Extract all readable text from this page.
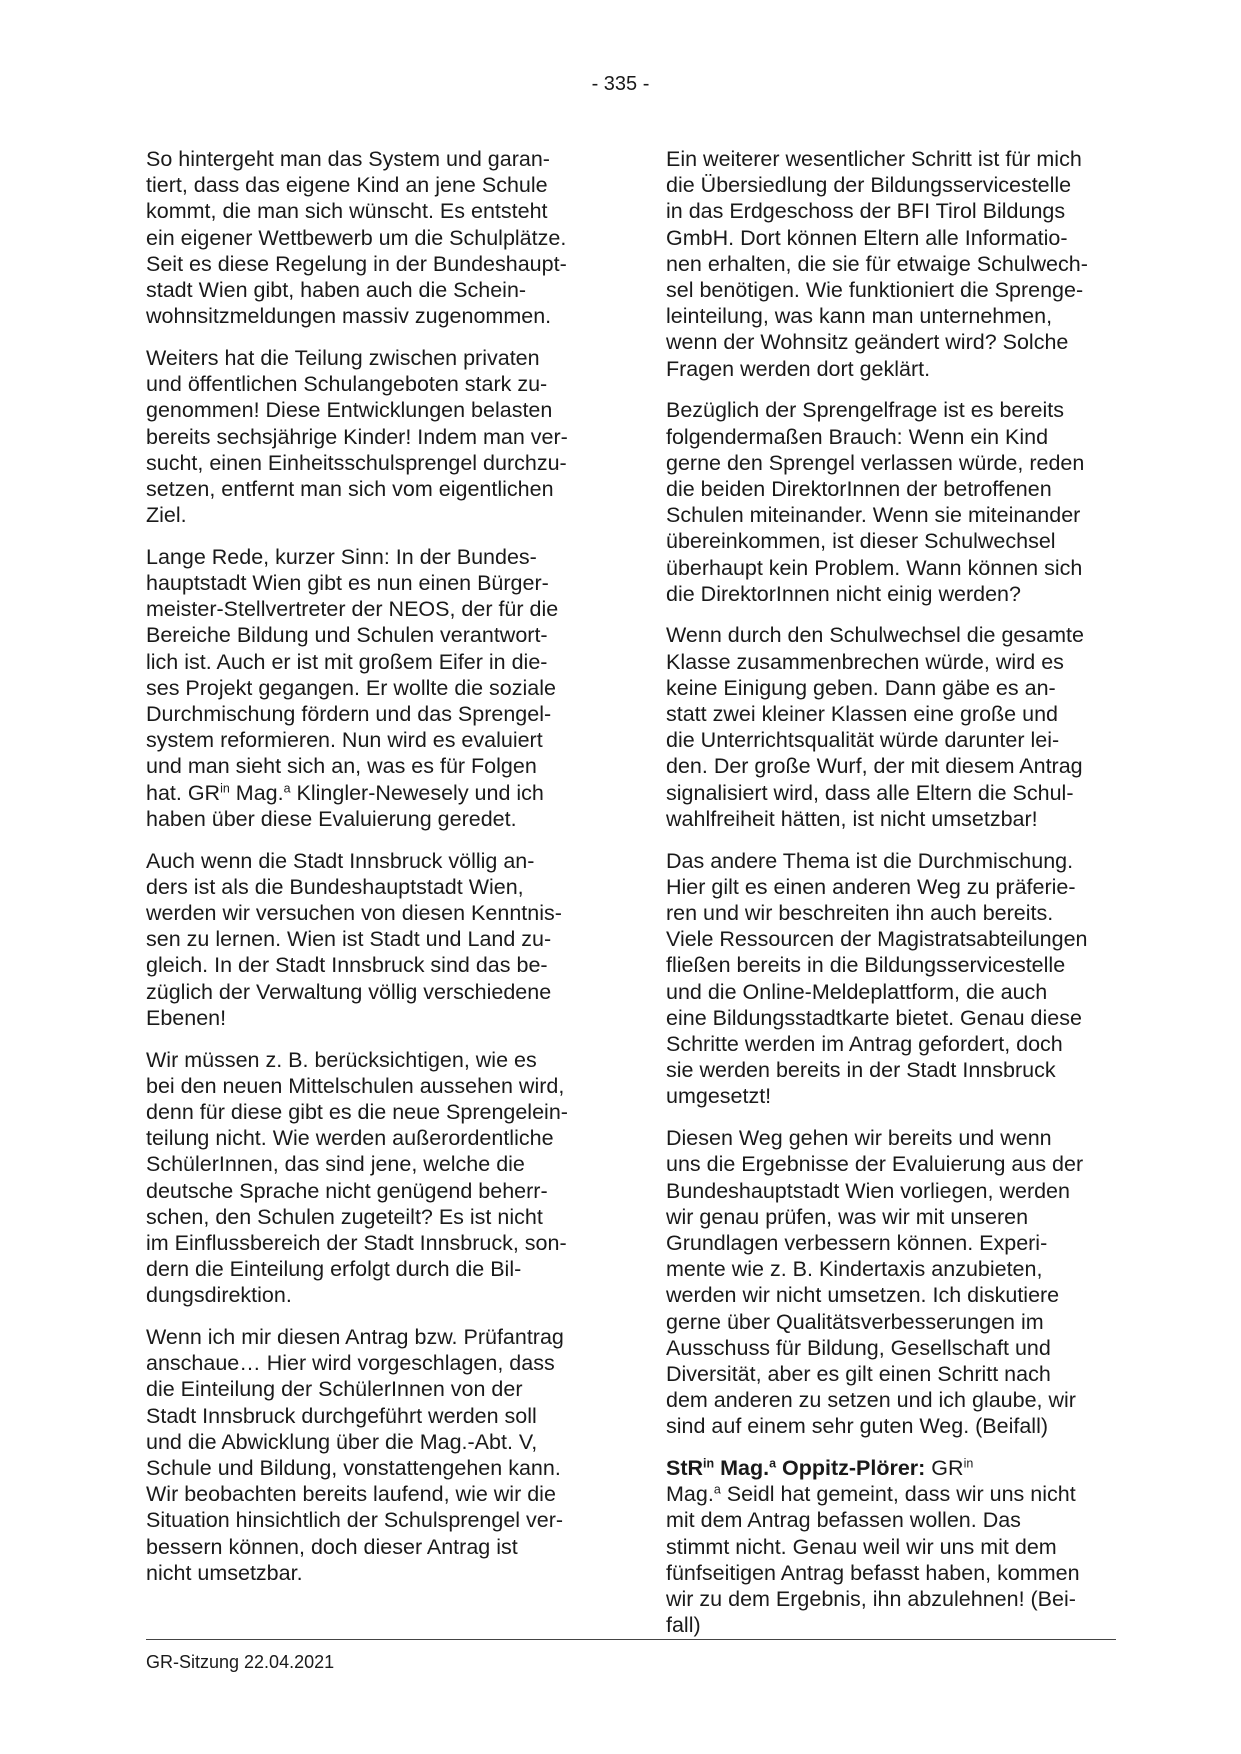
- 335 -

So hintergeht man das System und garan-
tiert, dass das eigene Kind an jene Schule
kommt, die man sich wünscht. Es entsteht
ein eigener Wettbewerb um die Schulplätze.
Seit es diese Regelung in der Bundeshaupt-
stadt Wien gibt, haben auch die Schein-
wohnsitzmeldungen massiv zugenommen.

Weiters hat die Teilung zwischen privaten
und öffentlichen Schulangeboten stark zu-
genommen! Diese Entwicklungen belasten
bereits sechsjährige Kinder! Indem man ver-
sucht, einen Einheitsschulsprengel durchzu-
setzen, entfernt man sich vom eigentlichen
Ziel.

Lange Rede, kurzer Sinn: In der Bundes-
hauptstadt Wien gibt es nun einen Bürger-
meister-Stellvertreter der NEOS, der für die
Bereiche Bildung und Schulen verantwort-
lich ist. Auch er ist mit großem Eifer in die-
ses Projekt gegangen. Er wollte die soziale
Durchmischung fördern und das Sprengel-
system reformieren. Nun wird es evaluiert
und man sieht sich an, was es für Folgen
hat. $GR^{in}$ Mag.$^a$ Klingler-Newesely und ich
haben über diese Evaluierung geredet.

Auch wenn die Stadt Innsbruck völlig an-
ders ist als die Bundeshauptstadt Wien,
werden wir versuchen von diesen Kenntnis-
sen zu lernen. Wien ist Stadt und Land zu-
gleich. In der Stadt Innsbruck sind das be-
züglich der Verwaltung völlig verschiedene
Ebenen!

Wir müssen z. B. berücksichtigen, wie es
bei den neuen Mittelschulen aussehen wird,
denn für diese gibt es die neue Sprengelein-
teilung nicht. Wie werden außerordentliche
SchülerInnen, das sind jene, welche die
deutsche Sprache nicht genügend beherr-
schen, den Schulen zugeteilt? Es ist nicht
im Einflussbereich der Stadt Innsbruck, son-
dern die Einteilung erfolgt durch die Bil-
dungsdirektion.

Wenn ich mir diesen Antrag bzw. Prüfantrag
anschaue… Hier wird vorgeschlagen, dass
die Einteilung der SchülerInnen von der
Stadt Innsbruck durchgeführt werden soll
und die Abwicklung über die Mag.-Abt. V,
Schule und Bildung, vonstattengehen kann.
Wir beobachten bereits laufend, wie wir die
Situation hinsichtlich der Schulsprengel ver-
bessern können, doch dieser Antrag ist
nicht umsetzbar.

Ein weiterer wesentlicher Schritt ist für mich
die Übersiedlung der Bildungsservicestelle
in das Erdgeschoss der BFI Tirol Bildungs
GmbH. Dort können Eltern alle Informatio-
nen erhalten, die sie für etwaige Schulwech-
sel benötigen. Wie funktioniert die Sprenge-
leinteilung, was kann man unternehmen,
wenn der Wohnsitz geändert wird? Solche
Fragen werden dort geklärt.

Bezüglich der Sprengelfrage ist es bereits
folgendermaßen Brauch: Wenn ein Kind
gerne den Sprengel verlassen würde, reden
die beiden DirektorInnen der betroffenen
Schulen miteinander. Wenn sie miteinander
übereinkommen, ist dieser Schulwechsel
überhaupt kein Problem. Wann können sich
die DirektorInnen nicht einig werden?

Wenn durch den Schulwechsel die gesamte
Klasse zusammenbrechen würde, wird es
keine Einigung geben. Dann gäbe es an-
statt zwei kleiner Klassen eine große und
die Unterrichtsqualität würde darunter lei-
den. Der große Wurf, der mit diesem Antrag
signalisiert wird, dass alle Eltern die Schul-
wahlfreiheit hätten, ist nicht umsetzbar!

Das andere Thema ist die Durchmischung.
Hier gilt es einen anderen Weg zu präferie-
ren und wir beschreiten ihn auch bereits.
Viele Ressourcen der Magistratsabteilungen
fließen bereits in die Bildungsservicestelle
und die Online-Meldeplattform, die auch
eine Bildungsstadtkarte bietet. Genau diese
Schritte werden im Antrag gefordert, doch
sie werden bereits in der Stadt Innsbruck
umgesetzt!

Diesen Weg gehen wir bereits und wenn
uns die Ergebnisse der Evaluierung aus der
Bundeshauptstadt Wien vorliegen, werden
wir genau prüfen, was wir mit unseren
Grundlagen verbessern können. Experi-
mente wie z. B. Kindertaxis anzubieten,
werden wir nicht umsetzen. Ich diskutiere
gerne über Qualitätsverbesserungen im
Ausschuss für Bildung, Gesellschaft und
Diversität, aber es gilt einen Schritt nach
dem anderen zu setzen und ich glaube, wir
sind auf einem sehr guten Weg. (Beifall)

StR$^{in}$ Mag.$^a$ Oppitz-Plörer: $GR^{in}$
Mag.$^a$ Seidl hat gemeint, dass wir uns nicht
mit dem Antrag befassen wollen. Das
stimmt nicht. Genau weil wir uns mit dem
fünfseitigen Antrag befasst haben, kommen
wir zu dem Ergebnis, ihn abzulehnen! (Bei-
fall)

GR-Sitzung 22.04.2021
